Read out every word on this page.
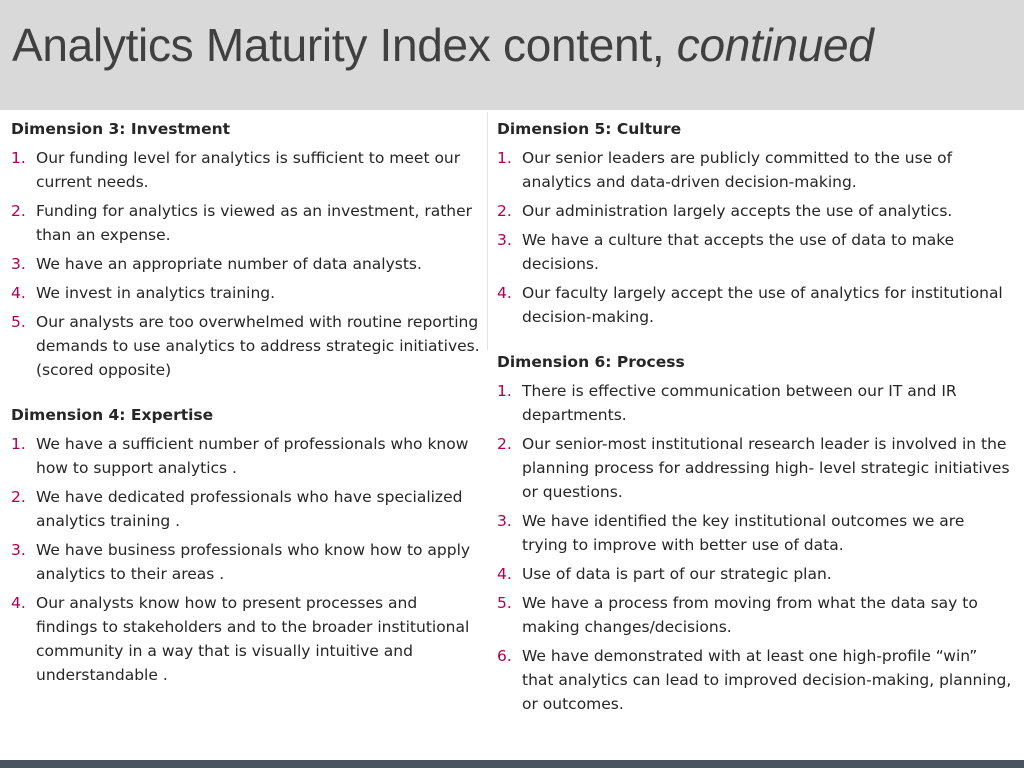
Analytics Maturity Index content, continued
Dimension 3: Investment
1. Our funding level for analytics is sufficient to meet our current needs.
2. Funding for analytics is viewed as an investment, rather than an expense.
3. We have an appropriate number of data analysts.
4. We invest in analytics training.
5. Our analysts are too overwhelmed with routine reporting demands to use analytics to address strategic initiatives. (scored opposite)
Dimension 4: Expertise
1. We have a sufficient number of professionals who know how to support analytics .
2. We have dedicated professionals who have specialized analytics training .
3. We have business professionals who know how to apply analytics to their areas .
4. Our analysts know how to present processes and findings to stakeholders and to the broader institutional community in a way that is visually intuitive and understandable .
Dimension 5: Culture
1. Our senior leaders are publicly committed to the use of analytics and data-driven decision-making.
2. Our administration largely accepts the use of analytics.
3. We have a culture that accepts the use of data to make decisions.
4. Our faculty largely accept the use of analytics for institutional decision-making.
Dimension 6: Process
1. There is effective communication between our IT and IR departments.
2. Our senior-most institutional research leader is involved in the planning process for addressing high- level strategic initiatives or questions.
3. We have identified the key institutional outcomes we are trying to improve with better use of data.
4. Use of data is part of our strategic plan.
5. We have a process from moving from what the data say to making changes/decisions.
6. We have demonstrated with at least one high-profile “win” that analytics can lead to improved decision-making, planning, or outcomes.
